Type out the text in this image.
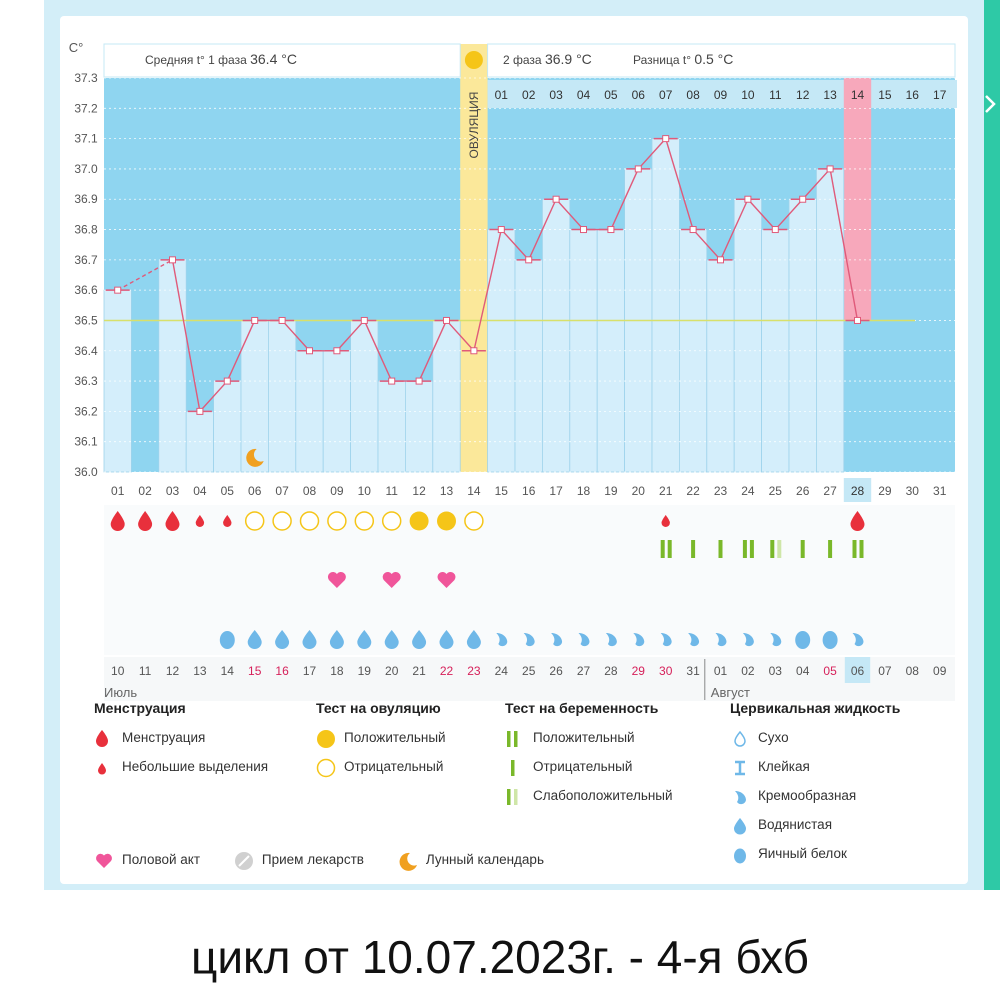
36.0
36.1
36.2
36.3
36.4
36.5
36.6
36.7
36.8
36.9
37.0
37.1
37.2
37.3
C°
Средняя t° 1 фаза 36.4 °C	2 фаза 36.9 °C	Разница t° 0.5 °C
01 02 03 04 05 06 07 08 09 10 11 12 13 14 15 16 17
ОВУЛЯЦИЯ
01 02 03 04 05 06 07 08 09 10 11 12 13 14 15 16 17 18 19 20 21 22 23 24 25 26 27 28 29 30 31
10 11 12 13 14 15 16 17 18 19 20 21 22 23 24 25 26 27 28 29 30 31 01 02 03 04 05 06 07 08 09
Июль	Август
Менструация
Менструация
Небольшие выделения
Тест на овуляцию
Положительный
Отрицательный
Тест на беременность
Положительный
Отрицательный
Слабоположительный
Цервикальная жидкость
Сухо
Клейкая
Кремообразная
Водянистая
Яичный белок
Половой акт	Прием лекарств	Лунный календарь
цикл от 10.07.2023г. - 4-я бхб
